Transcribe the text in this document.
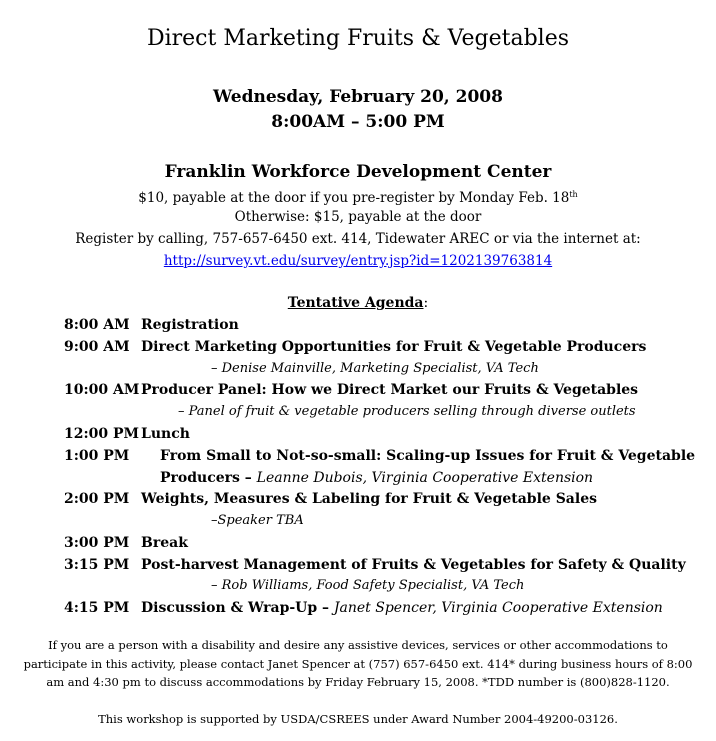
Direct Marketing Fruits & Vegetables
Wednesday, February 20, 2008
8:00AM – 5:00 PM
Franklin Workforce Development Center
$10, payable at the door if you pre-register by Monday Feb. 18th
Otherwise: $15, payable at the door
Register by calling, 757-657-6450 ext. 414, Tidewater AREC or via the internet at:
http://survey.vt.edu/survey/entry.jsp?id=1202139763814
Tentative Agenda:
8:00 AM Registration
9:00 AM Direct Marketing Opportunities for Fruit & Vegetable Producers
– Denise Mainville, Marketing Specialist, VA Tech
10:00 AM Producer Panel: How we Direct Market our Fruits & Vegetables
– Panel of fruit & vegetable producers selling through diverse outlets
12:00 PM Lunch
1:00 PM From Small to Not-so-small: Scaling-up Issues for Fruit & Vegetable
Producers – Leanne Dubois, Virginia Cooperative Extension
2:00 PM Weights, Measures & Labeling for Fruit & Vegetable Sales
–Speaker TBA
3:00 PM Break
3:15 PM Post-harvest Management of Fruits & Vegetables for Safety & Quality
– Rob Williams, Food Safety Specialist, VA Tech
4:15 PM Discussion & Wrap-Up – Janet Spencer, Virginia Cooperative Extension
If you are a person with a disability and desire any assistive devices, services or other accommodations to
participate in this activity, please contact Janet Spencer at (757) 657-6450 ext. 414* during business hours of 8:00
am and 4:30 pm to discuss accommodations by Friday February 15, 2008. *TDD number is (800)828-1120.
This workshop is supported by USDA/CSREES under Award Number 2004-49200-03126.
